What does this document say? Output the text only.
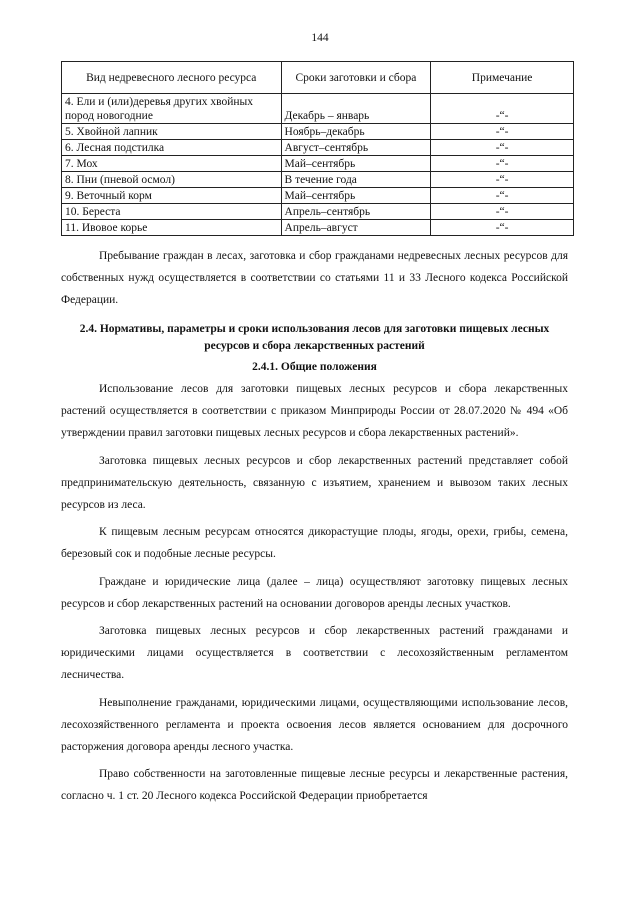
144
Вид недревесного лесного ресурса	Сроки заготовки и сбора	Примечание
4. Ели и (или)деревья других хвойных пород новогодние	Декабрь – январь	-“-
5. Хвойной лапник	Ноябрь–декабрь	-“-
6. Лесная подстилка	Август–сентябрь	-“-
7. Мох	Май–сентябрь	-“-
8. Пни (пневой осмол)	В течение года	-“-
9. Веточный корм	Май–сентябрь	-“-
10. Береста	Апрель–сентябрь	-“-
11. Ивовое корье	Апрель–август	-“-

Пребывание граждан в лесах, заготовка и сбор гражданами недревесных лесных ресурсов для собственных нужд осуществляется в соответствии со статьями 11 и 33 Лесного кодекса Российской Федерации.

2.4. Нормативы, параметры и сроки использования лесов для заготовки пищевых лесных ресурсов и сбора лекарственных растений
2.4.1. Общие положения

Использование лесов для заготовки пищевых лесных ресурсов и сбора лекарственных растений осуществляется в соответствии с приказом Минприроды России от 28.07.2020 № 494 «Об утверждении правил заготовки пищевых лесных ресурсов и сбора лекарственных растений».

Заготовка пищевых лесных ресурсов и сбор лекарственных растений представляет собой предпринимательскую деятельность, связанную с изъятием, хранением и вывозом таких лесных ресурсов из леса.

К пищевым лесным ресурсам относятся дикорастущие плоды, ягоды, орехи, грибы, семена, березовый сок и подобные лесные ресурсы.

Граждане и юридические лица (далее – лица) осуществляют заготовку пищевых лесных ресурсов и сбор лекарственных растений на основании договоров аренды лесных участков.

Заготовка пищевых лесных ресурсов и сбор лекарственных растений гражданами и юридическими лицами осуществляется в соответствии с лесохозяйственным регламентом лесничества.

Невыполнение гражданами, юридическими лицами, осуществляющими использование лесов, лесохозяйственного регламента и проекта освоения лесов является основанием для досрочного расторжения договора аренды лесного участка.

Право собственности на заготовленные пищевые лесные ресурсы и лекарственные растения, согласно ч. 1 ст. 20 Лесного кодекса Российской Федерации приобретается
